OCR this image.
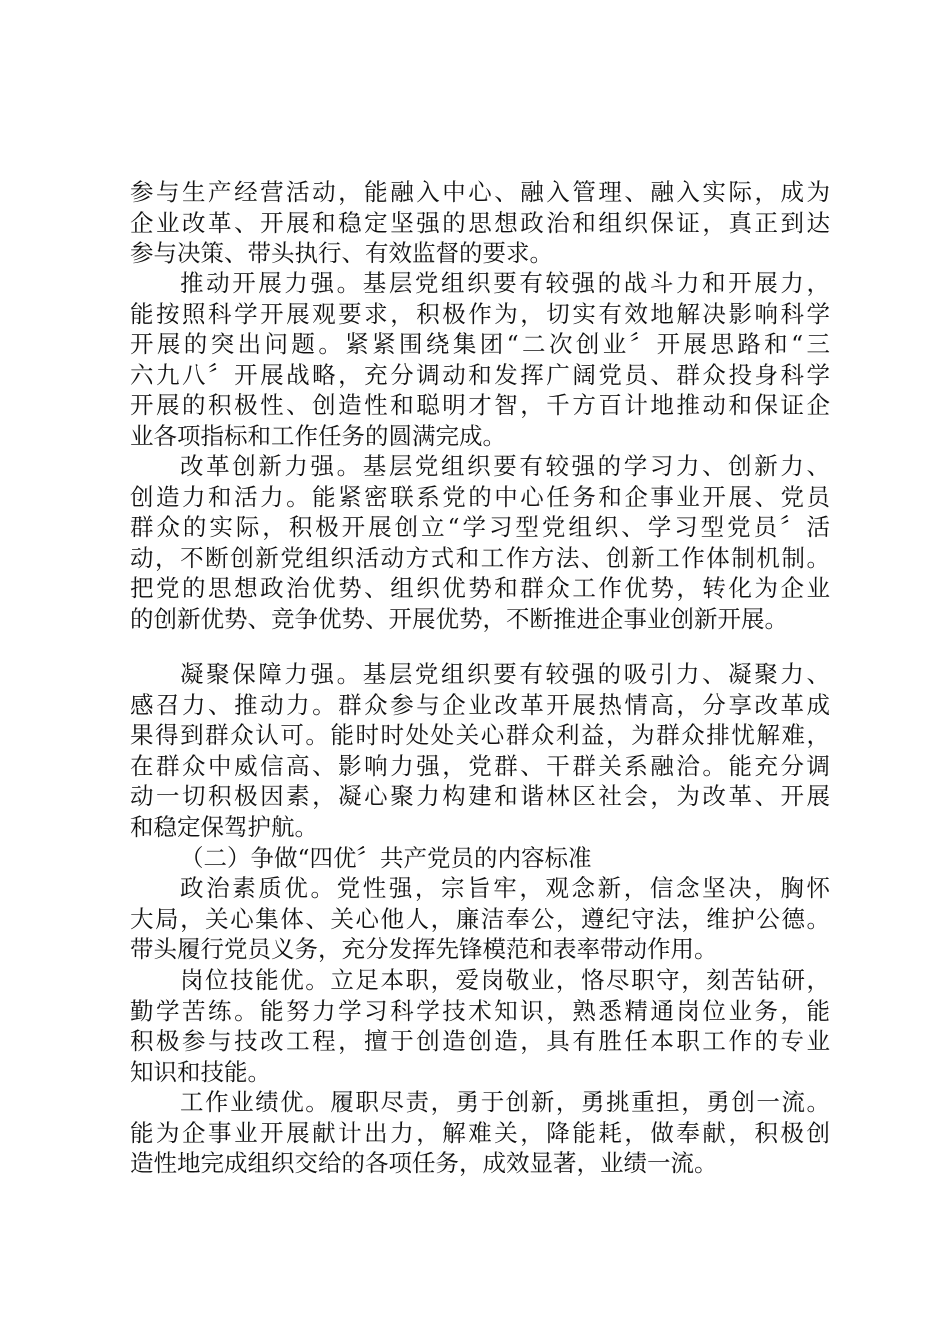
参与生产经营活动，能融入中心、融入管理、融入实际，成为
企业改革、开展和稳定坚强的思想政治和组织保证，真正到达
参与决策、带头执行、有效监督的要求。
推动开展力强。基层党组织要有较强的战斗力和开展力，
能按照科学开展观要求，积极作为，切实有效地解决影响科学
开展的突出问题。紧紧围绕集团“二次创业〞开展思路和“三
六九八〞开展战略，充分调动和发挥广阔党员、群众投身科学
开展的积极性、创造性和聪明才智，千方百计地推动和保证企
业各项指标和工作任务的圆满完成。
改革创新力强。基层党组织要有较强的学习力、创新力、
创造力和活力。能紧密联系党的中心任务和企事业开展、党员
群众的实际，积极开展创立“学习型党组织、学习型党员〞活
动，不断创新党组织活动方式和工作方法、创新工作体制机制。
把党的思想政治优势、组织优势和群众工作优势，转化为企业
的创新优势、竞争优势、开展优势，不断推进企事业创新开展。
凝聚保障力强。基层党组织要有较强的吸引力、凝聚力、
感召力、推动力。群众参与企业改革开展热情高，分享改革成
果得到群众认可。能时时处处关心群众利益，为群众排忧解难，
在群众中威信高、影响力强，党群、干群关系融洽。能充分调
动一切积极因素，凝心聚力构建和谐林区社会，为改革、开展
和稳定保驾护航。
（二）争做“四优〞共产党员的内容标准
政治素质优。党性强，宗旨牢，观念新，信念坚决，胸怀
大局，关心集体、关心他人，廉洁奉公，遵纪守法，维护公德。
带头履行党员义务，充分发挥先锋模范和表率带动作用。
岗位技能优。立足本职，爱岗敬业，恪尽职守，刻苦钻研，
勤学苦练。能努力学习科学技术知识，熟悉精通岗位业务，能
积极参与技改工程，擅于创造创造，具有胜任本职工作的专业
知识和技能。
工作业绩优。履职尽责，勇于创新，勇挑重担，勇创一流。
能为企事业开展献计出力，解难关，降能耗，做奉献，积极创
造性地完成组织交给的各项任务，成效显著，业绩一流。
